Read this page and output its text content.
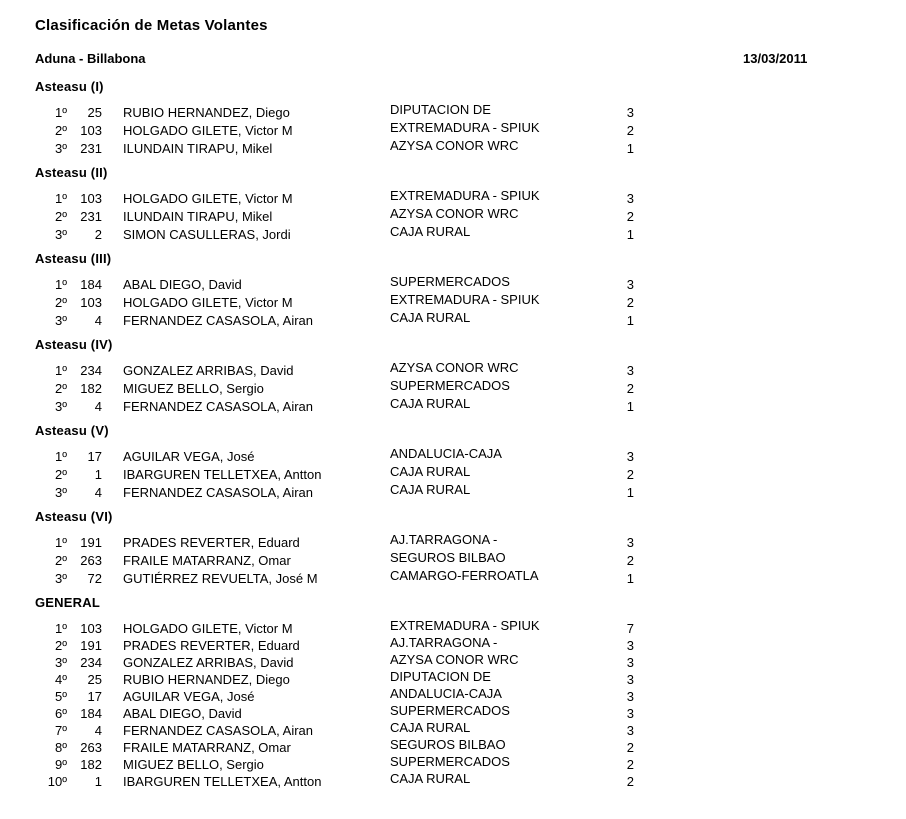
Clasificación de Metas Volantes
Aduna - Billabona	13/03/2011
Asteasu (I)
1º	25	RUBIO HERNANDEZ, Diego	DIPUTACION DE	3
2º	103	HOLGADO GILETE, Victor M	EXTREMADURA - SPIUK	2
3º	231	ILUNDAIN TIRAPU, Mikel	AZYSA CONOR WRC	1
Asteasu (II)
1º	103	HOLGADO GILETE, Victor M	EXTREMADURA - SPIUK	3
2º	231	ILUNDAIN TIRAPU, Mikel	AZYSA CONOR WRC	2
3º	2	SIMON CASULLERAS, Jordi	CAJA RURAL	1
Asteasu (III)
1º	184	ABAL DIEGO, David	SUPERMERCADOS	3
2º	103	HOLGADO GILETE, Victor M	EXTREMADURA - SPIUK	2
3º	4	FERNANDEZ CASASOLA, Airan	CAJA RURAL	1
Asteasu (IV)
1º	234	GONZALEZ ARRIBAS, David	AZYSA CONOR WRC	3
2º	182	MIGUEZ BELLO, Sergio	SUPERMERCADOS	2
3º	4	FERNANDEZ CASASOLA, Airan	CAJA RURAL	1
Asteasu (V)
1º	17	AGUILAR VEGA, José	ANDALUCIA-CAJA	3
2º	1	IBARGUREN TELLETXEA, Antton	CAJA RURAL	2
3º	4	FERNANDEZ CASASOLA, Airan	CAJA RURAL	1
Asteasu (VI)
1º	191	PRADES REVERTER, Eduard	AJ.TARRAGONA -	3
2º	263	FRAILE MATARRANZ, Omar	SEGUROS BILBAO	2
3º	72	GUTIÉRREZ REVUELTA, José M	CAMARGO-FERROATLA	1
GENERAL
1º	103	HOLGADO GILETE, Victor M	EXTREMADURA - SPIUK	7
2º	191	PRADES REVERTER, Eduard	AJ.TARRAGONA -	3
3º	234	GONZALEZ ARRIBAS, David	AZYSA CONOR WRC	3
4º	25	RUBIO HERNANDEZ, Diego	DIPUTACION DE	3
5º	17	AGUILAR VEGA, José	ANDALUCIA-CAJA	3
6º	184	ABAL DIEGO, David	SUPERMERCADOS	3
7º	4	FERNANDEZ CASASOLA, Airan	CAJA RURAL	3
8º	263	FRAILE MATARRANZ, Omar	SEGUROS BILBAO	2
9º	182	MIGUEZ BELLO, Sergio	SUPERMERCADOS	2
10º	1	IBARGUREN TELLETXEA, Antton	CAJA RURAL	2
